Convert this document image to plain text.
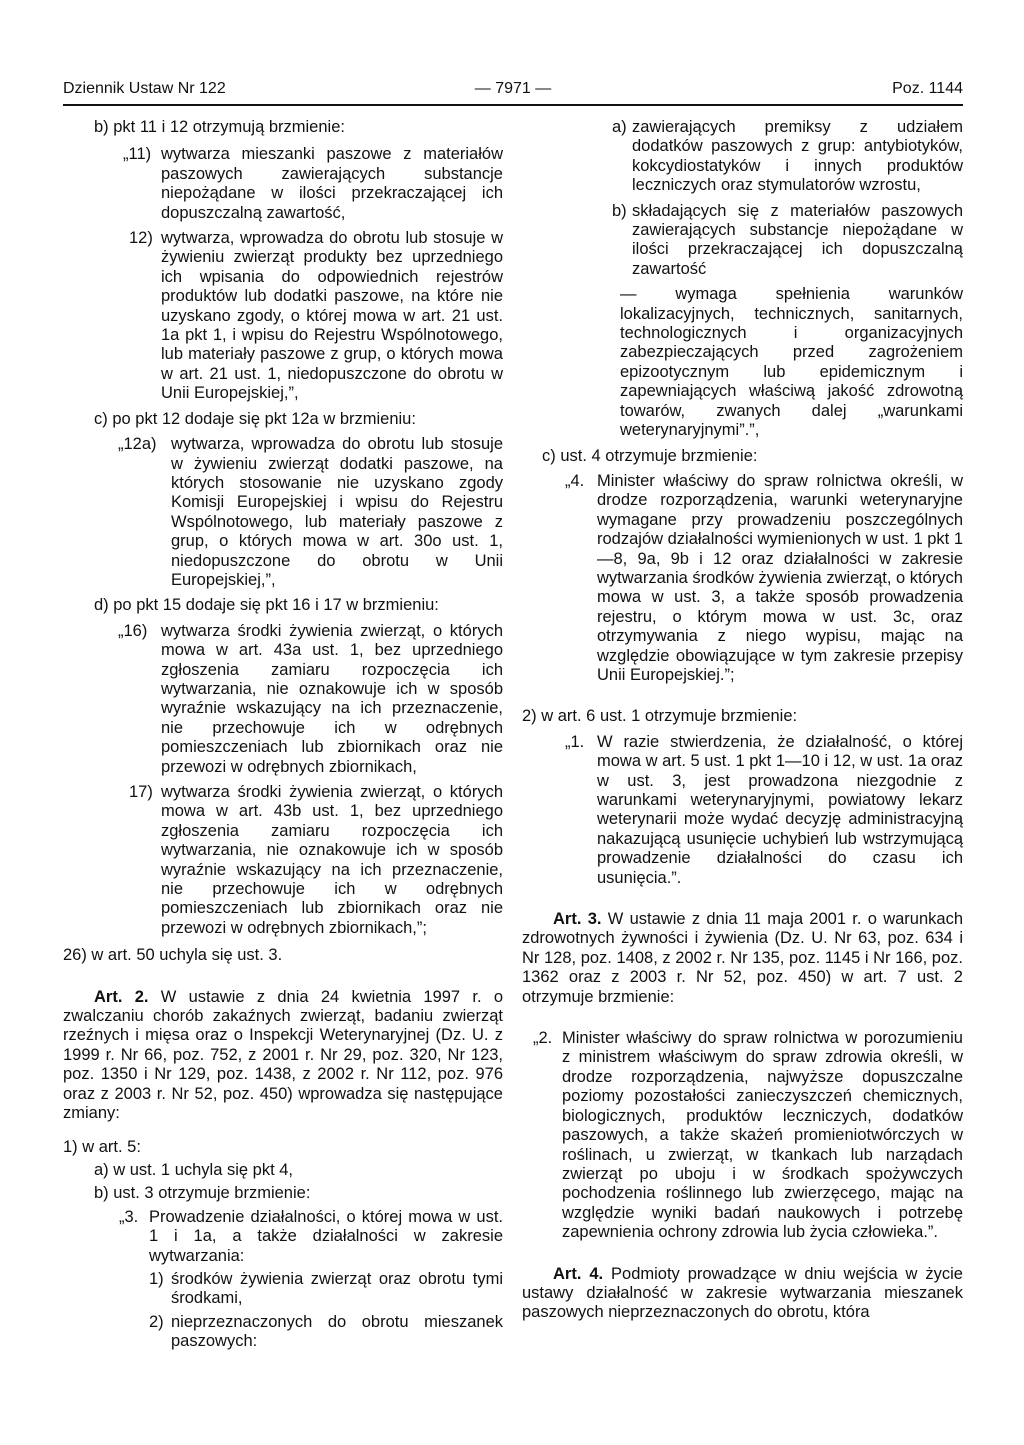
Dziennik Ustaw Nr 122	— 7971 —	Poz. 1144
b) pkt 11 i 12 otrzymują brzmienie:
„11) wytwarza mieszanki paszowe z materiałów paszowych zawierających substancje niepożądane w ilości przekraczającej ich dopuszczalną zawartość,
12) wytwarza, wprowadza do obrotu lub stosuje w żywieniu zwierząt produkty bez uprzedniego ich wpisania do odpowiednich rejestrów produktów lub dodatki paszowe, na które nie uzyskano zgody, o której mowa w art. 21 ust. 1a pkt 1, i wpisu do Rejestru Wspólnotowego, lub materiały paszowe z grup, o których mowa w art. 21 ust. 1, niedopuszczone do obrotu w Unii Europejskiej,”,
c) po pkt 12 dodaje się pkt 12a w brzmieniu:
„12a) wytwarza, wprowadza do obrotu lub stosuje w żywieniu zwierząt dodatki paszowe, na których stosowanie nie uzyskano zgody Komisji Europejskiej i wpisu do Rejestru Wspólnotowego, lub materiały paszowe z grup, o których mowa w art. 30o ust. 1, niedopuszczone do obrotu w Unii Europejskiej,”,
d) po pkt 15 dodaje się pkt 16 i 17 w brzmieniu:
„16) wytwarza środki żywienia zwierząt, o których mowa w art. 43a ust. 1, bez uprzedniego zgłoszenia zamiaru rozpoczęcia ich wytwarzania, nie oznakowuje ich w sposób wyraźnie wskazujący na ich przeznaczenie, nie przechowuje ich w odrębnych pomieszczeniach lub zbiornikach oraz nie przewozi w odrębnych zbiornikach,
17) wytwarza środki żywienia zwierząt, o których mowa w art. 43b ust. 1, bez uprzedniego zgłoszenia zamiaru rozpoczęcia ich wytwarzania, nie oznakowuje ich w sposób wyraźnie wskazujący na ich przeznaczenie, nie przechowuje ich w odrębnych pomieszczeniach lub zbiornikach oraz nie przewozi w odrębnych zbiornikach,”;
26) w art. 50 uchyla się ust. 3.
Art. 2. W ustawie z dnia 24 kwietnia 1997 r. o zwalczaniu chorób zakaźnych zwierząt, badaniu zwierząt rzeźnych i mięsa oraz o Inspekcji Weterynaryjnej (Dz. U. z 1999 r. Nr 66, poz. 752, z 2001 r. Nr 29, poz. 320, Nr 123, poz. 1350 i Nr 129, poz. 1438, z 2002 r. Nr 112, poz. 976 oraz z 2003 r. Nr 52, poz. 450) wprowadza się następujące zmiany:
1) w art. 5:
a) w ust. 1 uchyla się pkt 4,
b) ust. 3 otrzymuje brzmienie:
„3. Prowadzenie działalności, o której mowa w ust. 1 i 1a, a także działalności w zakresie wytwarzania:
1) środków żywienia zwierząt oraz obrotu tymi środkami,
2) nieprzeznaczonych do obrotu mieszanek paszowych:
a) zawierających premiksy z udziałem dodatków paszowych z grup: antybiotyków, kokcydiostatyków i innych produktów leczniczych oraz stymulatorów wzrostu,
b) składających się z materiałów paszowych zawierających substancje niepożądane w ilości przekraczającej ich dopuszczalną zawartość
— wymaga spełnienia warunków lokalizacyjnych, technicznych, sanitarnych, technologicznych i organizacyjnych zabezpieczających przed zagrożeniem epizootycznym lub epidemicznym i zapewniających właściwą jakość zdrowotną towarów, zwanych dalej „warunkami weterynaryjnymi”.”,
c) ust. 4 otrzymuje brzmienie:
„4. Minister właściwy do spraw rolnictwa określi, w drodze rozporządzenia, warunki weterynaryjne wymagane przy prowadzeniu poszczególnych rodzajów działalności wymienionych w ust. 1 pkt 1—8, 9a, 9b i 12 oraz działalności w zakresie wytwarzania środków żywienia zwierząt, o których mowa w ust. 3, a także sposób prowadzenia rejestru, o którym mowa w ust. 3c, oraz otrzymywania z niego wypisu, mając na względzie obowiązujące w tym zakresie przepisy Unii Europejskiej.”;
2) w art. 6 ust. 1 otrzymuje brzmienie:
„1. W razie stwierdzenia, że działalność, o której mowa w art. 5 ust. 1 pkt 1—10 i 12, w ust. 1a oraz w ust. 3, jest prowadzona niezgodnie z warunkami weterynaryjnymi, powiatowy lekarz weterynarii może wydać decyzję administracyjną nakazującą usunięcie uchybień lub wstrzymującą prowadzenie działalności do czasu ich usunięcia.”.
Art. 3. W ustawie z dnia 11 maja 2001 r. o warunkach zdrowotnych żywności i żywienia (Dz. U. Nr 63, poz. 634 i Nr 128, poz. 1408, z 2002 r. Nr 135, poz. 1145 i Nr 166, poz. 1362 oraz z 2003 r. Nr 52, poz. 450) w art. 7 ust. 2 otrzymuje brzmienie:
„2. Minister właściwy do spraw rolnictwa w porozumieniu z ministrem właściwym do spraw zdrowia określi, w drodze rozporządzenia, najwyższe dopuszczalne poziomy pozostałości zanieczyszczeń chemicznych, biologicznych, produktów leczniczych, dodatków paszowych, a także skażeń promieniotwórczych w roślinach, u zwierząt, w tkankach lub narządach zwierząt po uboju i w środkach spożywczych pochodzenia roślinnego lub zwierzęcego, mając na względzie wyniki badań naukowych i potrzebę zapewnienia ochrony zdrowia lub życia człowieka.”.
Art. 4. Podmioty prowadzące w dniu wejścia w życie ustawy działalność w zakresie wytwarzania mieszanek paszowych nieprzeznaczonych do obrotu, która
